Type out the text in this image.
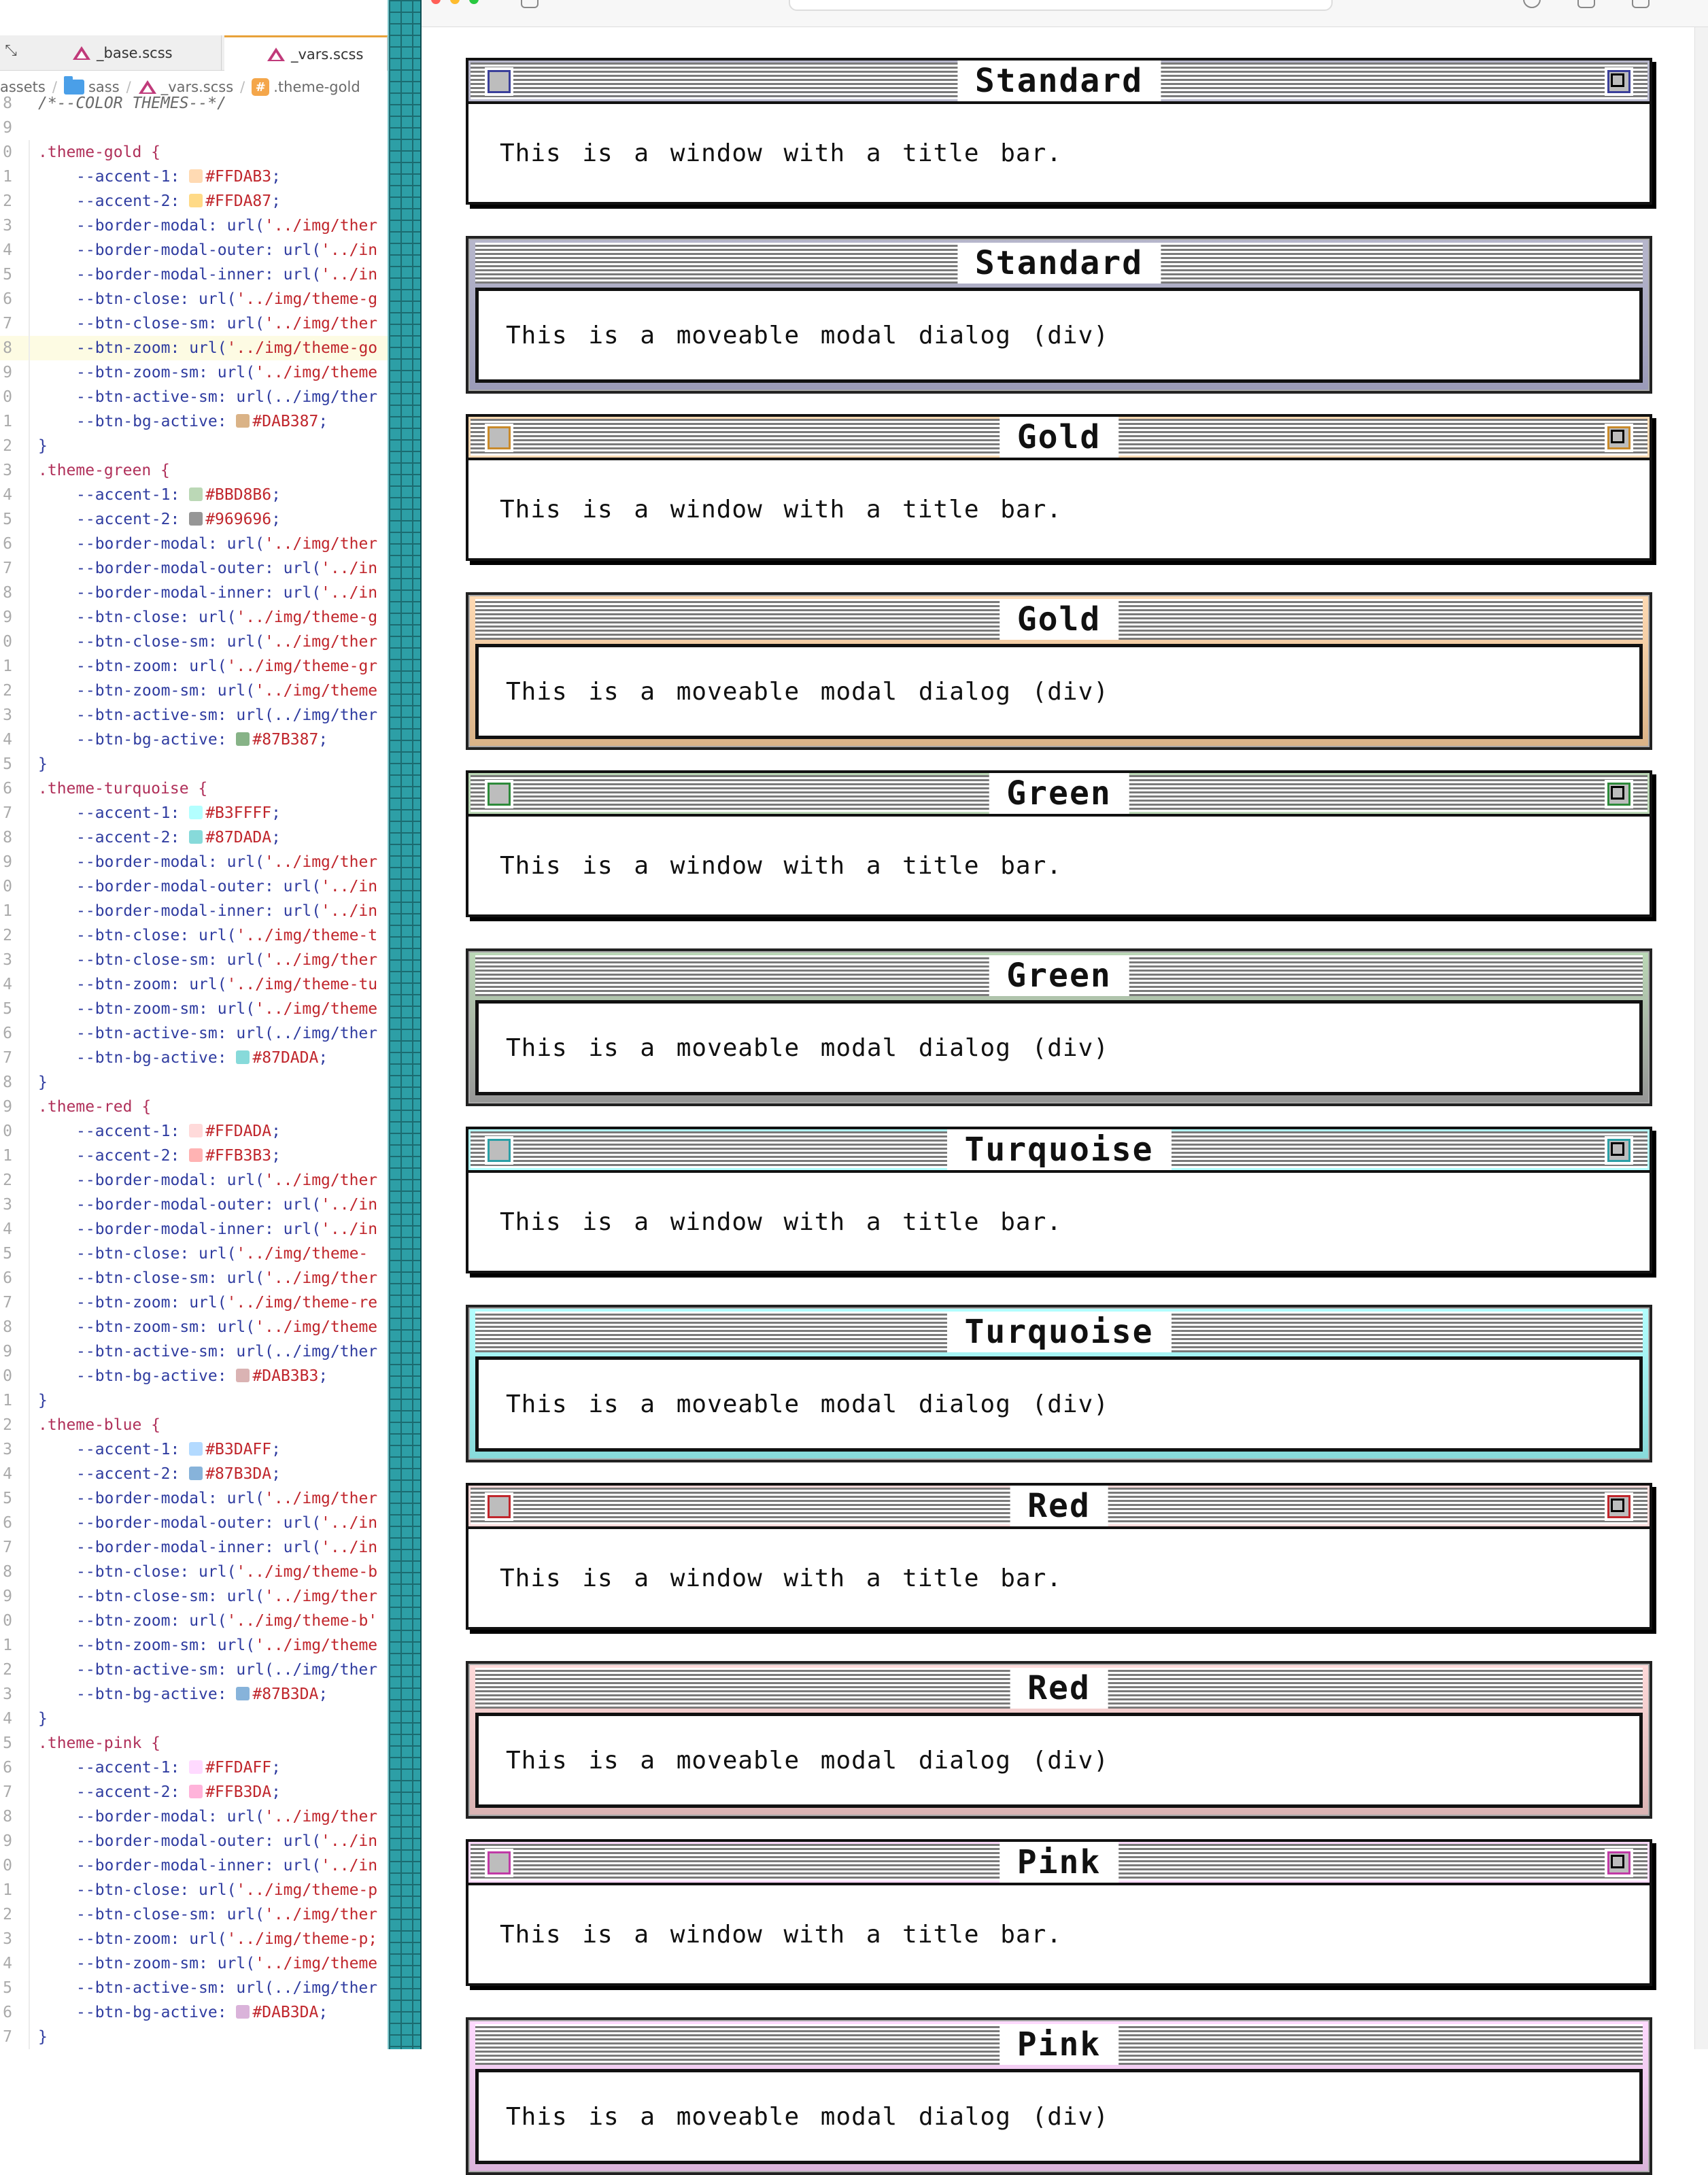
_base.scss	_vars.scss
⤡
assets / sass / _vars.scss / # .theme-gold
8 /*--COLOR THEMES--*/
9
0 .theme-gold {
1	--accent-1: #FFDAB3;
2	--accent-2: #FFDA87;
3	--border-modal: url('../img/ther
4	--border-modal-outer: url('../in
5	--border-modal-inner: url('../in
6	--btn-close: url('../img/theme-g
7	--btn-close-sm: url('../img/ther
8	--btn-zoom: url('../img/theme-go
9	--btn-zoom-sm: url('../img/theme
0	--btn-active-sm: url(../img/ther
1	--btn-bg-active: #DAB387;
2 }
3 .theme-green {
4	--accent-1: #BBD8B6;
5	--accent-2: #969696;
6	--border-modal: url('../img/ther
7	--border-modal-outer: url('../in
8	--border-modal-inner: url('../in
9	--btn-close: url('../img/theme-g
0	--btn-close-sm: url('../img/ther
1	--btn-zoom: url('../img/theme-gr
2	--btn-zoom-sm: url('../img/theme
3	--btn-active-sm: url(../img/ther
4	--btn-bg-active: #87B387;
5 }
6 .theme-turquoise {
7	--accent-1: #B3FFFF;
8	--accent-2: #87DADA;
9	--border-modal: url('../img/ther
0	--border-modal-outer: url('../in
1	--border-modal-inner: url('../in
2	--btn-close: url('../img/theme-t
3	--btn-close-sm: url('../img/ther
4	--btn-zoom: url('../img/theme-tu
5	--btn-zoom-sm: url('../img/theme
6	--btn-active-sm: url(../img/ther
7	--btn-bg-active: #87DADA;
8 }
9 .theme-red {
0	--accent-1: #FFDADA;
1	--accent-2: #FFB3B3;
2	--border-modal: url('../img/ther
3	--border-modal-outer: url('../in
4	--border-modal-inner: url('../in
5	--btn-close: url('../img/theme-
6	--btn-close-sm: url('../img/ther
7	--btn-zoom: url('../img/theme-re
8	--btn-zoom-sm: url('../img/theme
9	--btn-active-sm: url(../img/ther
0	--btn-bg-active: #DAB3B3;
1 }
2 .theme-blue {
3	--accent-1: #B3DAFF;
4	--accent-2: #87B3DA;
5	--border-modal: url('../img/ther
6	--border-modal-outer: url('../in
7	--border-modal-inner: url('../in
8	--btn-close: url('../img/theme-b
9	--btn-close-sm: url('../img/ther
0	--btn-zoom: url('../img/theme-b'
1	--btn-zoom-sm: url('../img/theme
2	--btn-active-sm: url(../img/ther
3	--btn-bg-active: #87B3DA;
4 }
5 .theme-pink {
6	--accent-1: #FFDAFF;
7	--accent-2: #FFB3DA;
8	--border-modal: url('../img/ther
9	--border-modal-outer: url('../in
0	--border-modal-inner: url('../in
1	--btn-close: url('../img/theme-p
2	--btn-close-sm: url('../img/ther
3	--btn-zoom: url('../img/theme-p;
4	--btn-zoom-sm: url('../img/theme
5	--btn-active-sm: url(../img/ther
6	--btn-bg-active: #DAB3DA;
7 }
Standard
This is a window with a title bar.
Standard
This is a moveable modal dialog (div)
Gold
This is a window with a title bar.
Gold
This is a moveable modal dialog (div)
Green
This is a window with a title bar.
Green
This is a moveable modal dialog (div)
Turquoise
This is a window with a title bar.
Turquoise
This is a moveable modal dialog (div)
Red
This is a window with a title bar.
Red
This is a moveable modal dialog (div)
Pink
This is a window with a title bar.
Pink
This is a moveable modal dialog (div)
